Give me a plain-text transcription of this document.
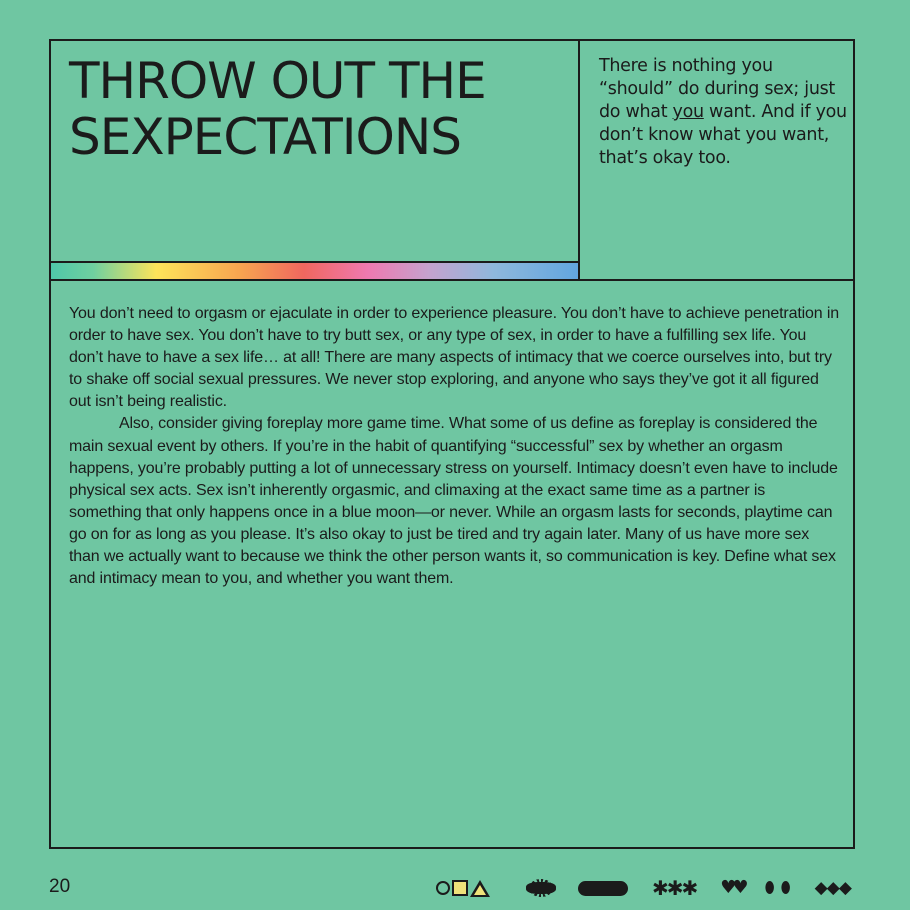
THROW OUT THE
SEXPECTATIONS

There is nothing you “should” do during sex; just do what you want. And if you don’t know what you want, that’s okay too.

You don’t need to orgasm or ejaculate in order to experience pleasure. You don’t have to achieve penetration in order to have sex. You don’t have to try butt sex, or any type of sex, in order to have a fulfilling sex life. You don’t have to have a sex life… at all! There are many aspects of intimacy that we coerce ourselves into, but try to shake off social sexual pressures. We never stop exploring, and anyone who says they’ve got it all figured out isn’t being realistic.

Also, consider giving foreplay more game time. What some of us define as foreplay is considered the main sexual event by others. If you’re in the habit of quantifying “successful” sex by whether an orgasm happens, you’re probably putting a lot of unnecessary stress on yourself. Intimacy doesn’t even have to include physical sex acts. Sex isn’t inherently orgasmic, and climaxing at the exact same time as a partner is something that only happens once in a blue moon—or never. While an orgasm lasts for seconds, playtime can go on for as long as you please. It’s also okay to just be tired and try again later. Many of us have more sex than we actually want to because we think the other person wants it, so communication is key. Define what sex and intimacy mean to you, and whether you want them.

20	✱✱✱ ♥♥ ⬮⬮ ◆◆◆
